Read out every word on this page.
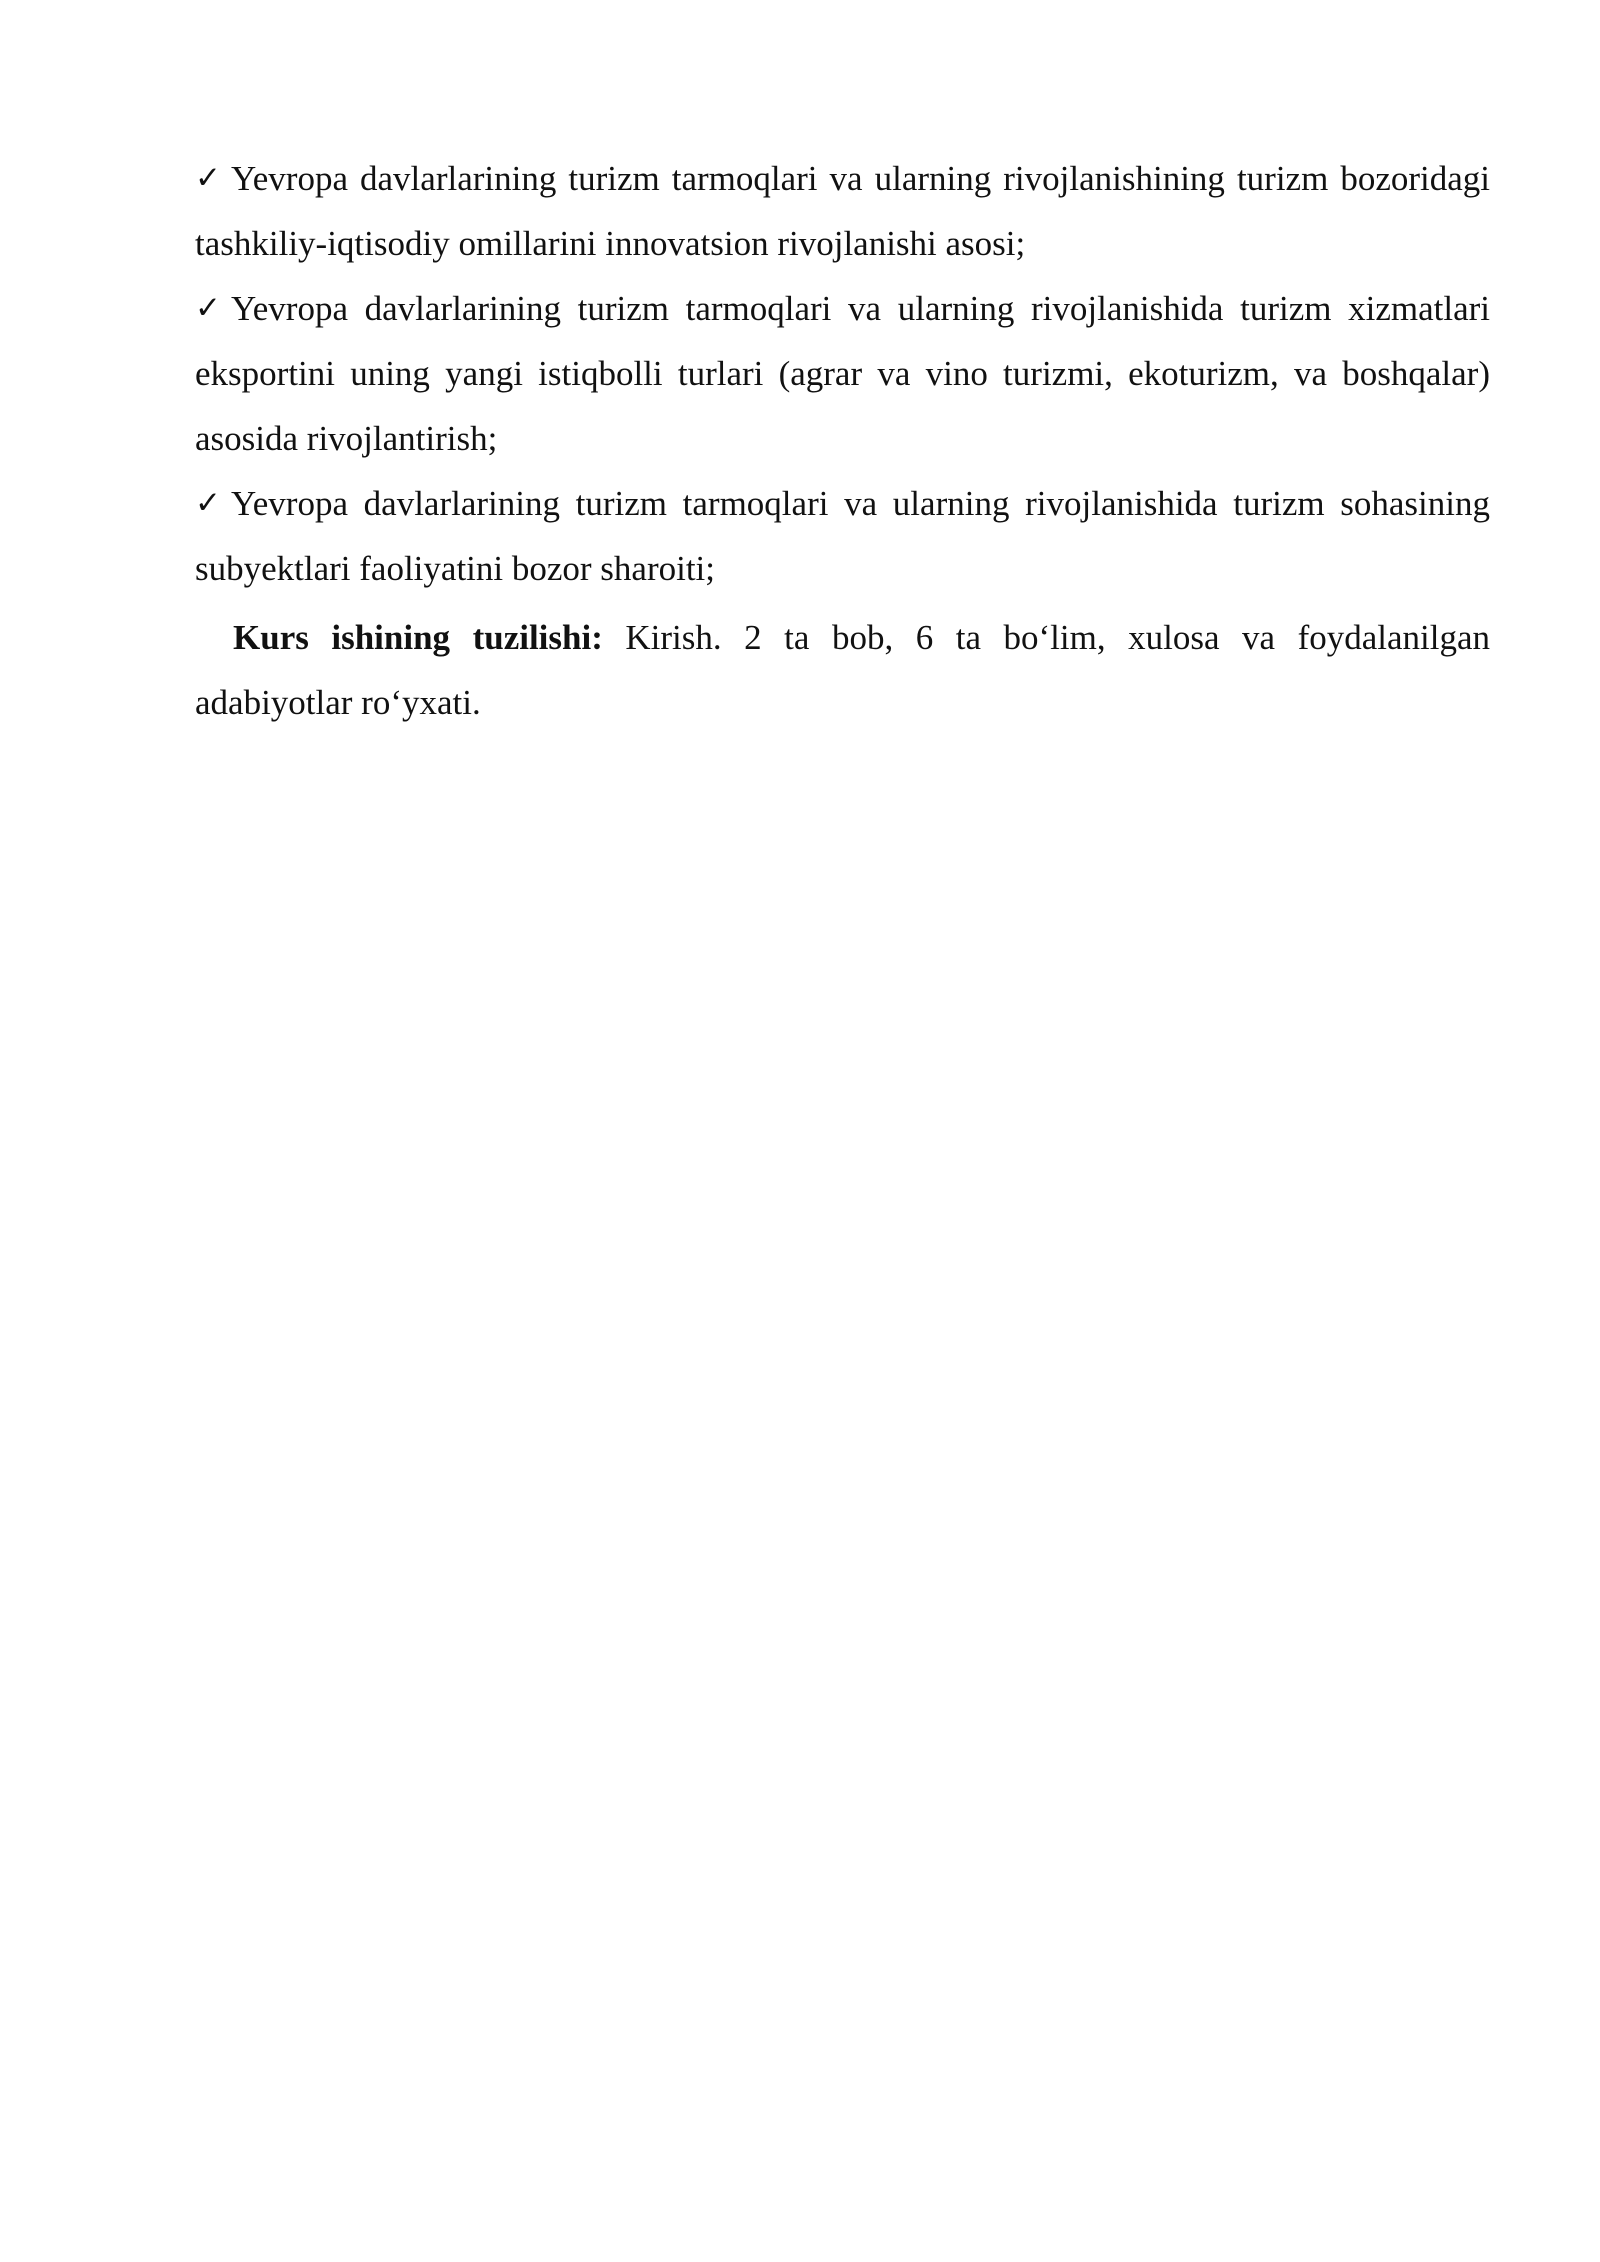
✓ Yevropa davlarlarining turizm tarmoqlari va ularning rivojlanishining turizm bozoridagi tashkiliy-iqtisodiy omillarini innovatsion rivojlanishi asosi;

✓ Yevropa davlarlarining turizm tarmoqlari va ularning rivojlanishida turizm xizmatlari eksportini uning yangi istiqbolli turlari (agrar va vino turizmi, ekoturizm, va boshqalar) asosida rivojlantirish;

✓ Yevropa davlarlarining turizm tarmoqlari va ularning rivojlanishida turizm sohasining subyektlari faoliyatini bozor sharoiti;

Kurs ishining tuzilishi: Kirish. 2 ta bob, 6 ta bo‘lim, xulosa va foydalanilgan adabiyotlar ro‘yxati.
